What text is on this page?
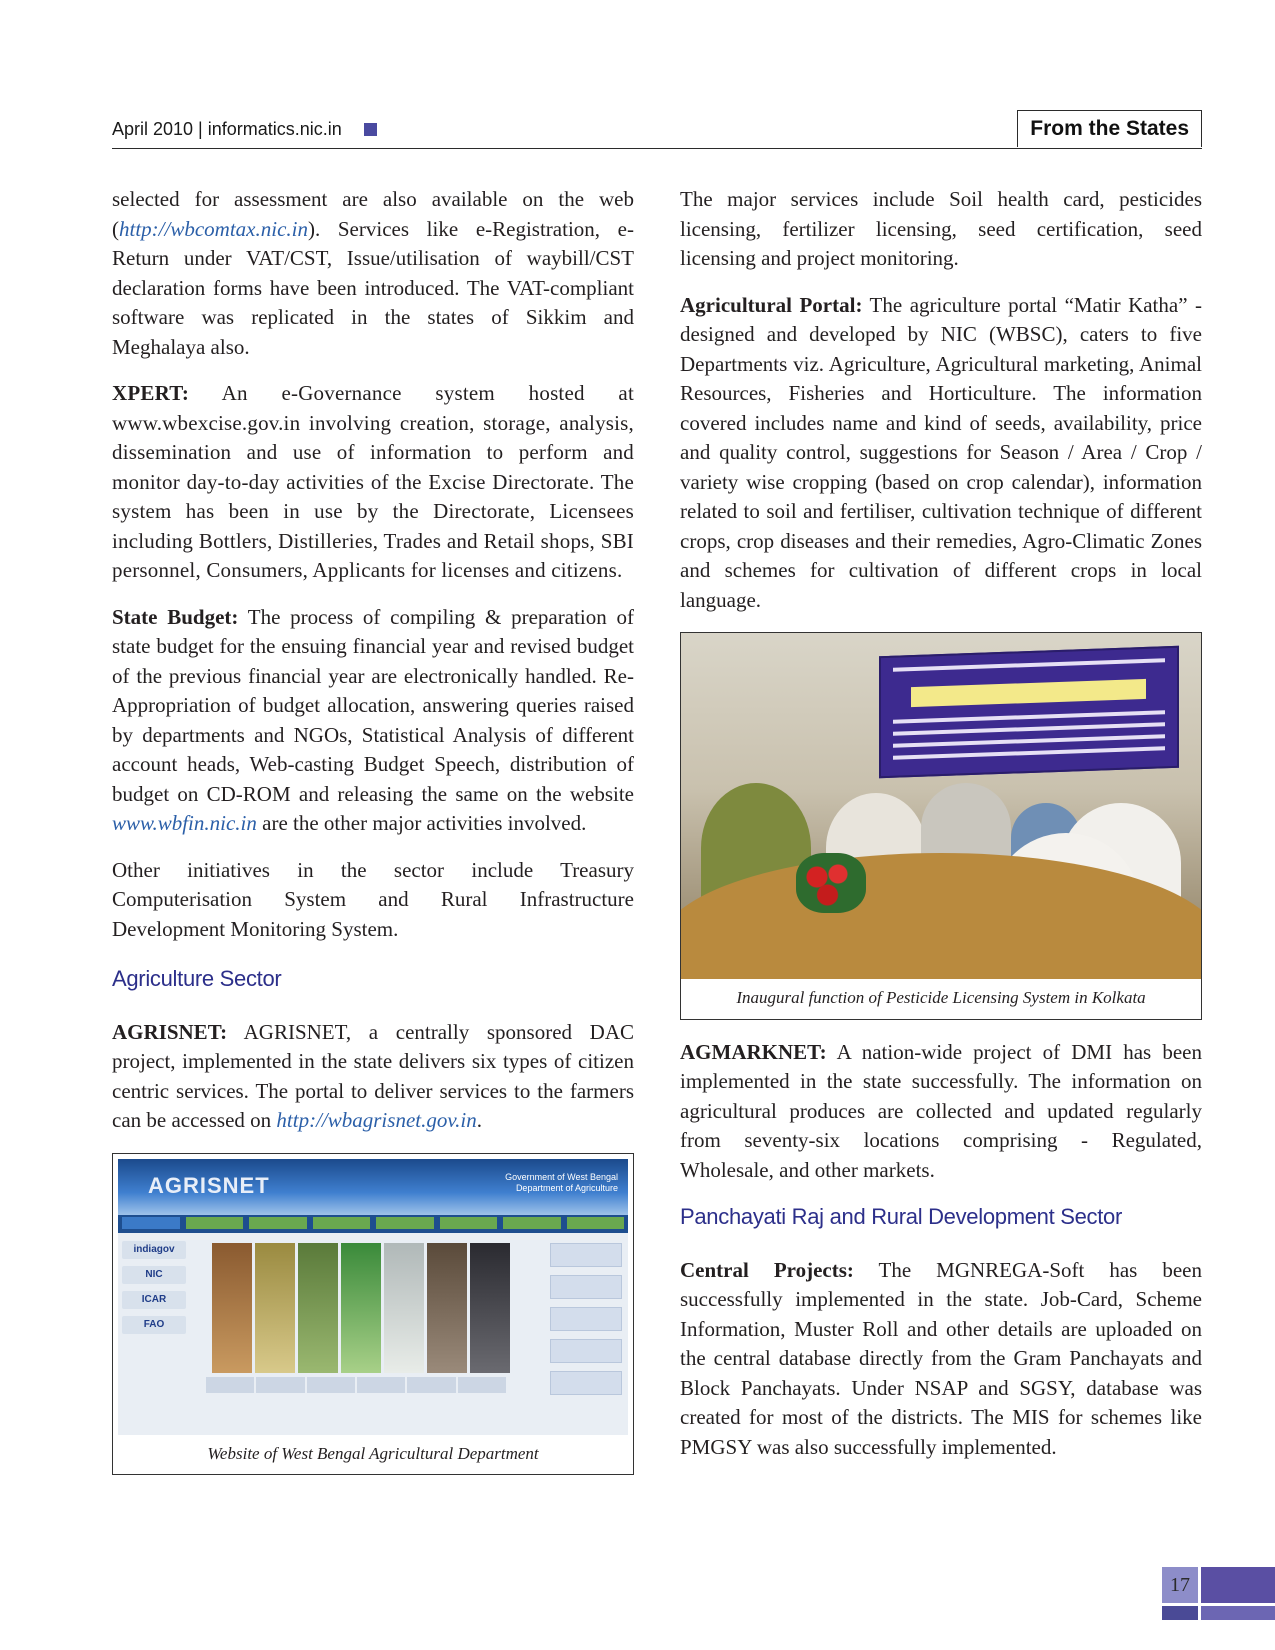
April 2010 | informatics.nic.in	From the States

selected for assessment are also available on the web (http://wbcomtax.nic.in). Services like e-Registration, e-Return under VAT/CST, Issue/utilisation of waybill/CST declaration forms have been introduced. The VAT-compliant software was replicated in the states of Sikkim and Meghalaya also.

XPERT: An e-Governance system hosted at www.wbexcise.gov.in involving creation, storage, analysis, dissemination and use of information to perform and monitor day-to-day activities of the Excise Directorate. The system has been in use by the Directorate, Licensees including Bottlers, Distilleries, Trades and Retail shops, SBI personnel, Consumers, Applicants for licenses and citizens.

State Budget: The process of compiling & preparation of state budget for the ensuing financial year and revised budget of the previous financial year are electronically handled. Re-Appropriation of budget allocation, answering queries raised by departments and NGOs, Statistical Analysis of different account heads, Web-casting Budget Speech, distribution of budget on CD-ROM and releasing the same on the website www.wbfin.nic.in are the other major activities involved.

Other initiatives in the sector include Treasury Computerisation System and Rural Infrastructure Development Monitoring System.

Agriculture Sector

AGRISNET: AGRISNET, a centrally sponsored DAC project, implemented in the state delivers six types of citizen centric services. The portal to deliver services to the farmers can be accessed on http://wbagrisnet.gov.in.

AGRISNET	Government of West Bengal
Department of Agriculture
indiagov
NIC
ICAR
FAO
Website of West Bengal Agricultural Department

The major services include Soil health card, pesticides licensing, fertilizer licensing, seed certification, seed licensing and project monitoring.

Agricultural Portal: The agriculture portal “Matir Katha” - designed and developed by NIC (WBSC), caters to five Departments viz. Agriculture, Agricultural marketing, Animal Resources, Fisheries and Horticulture. The information covered includes name and kind of seeds, availability, price and quality control, suggestions for Season / Area / Crop / variety wise cropping (based on crop calendar), information related to soil and fertiliser, cultivation technique of different crops, crop diseases and their remedies, Agro-Climatic Zones and schemes for cultivation of different crops in local language.

Inaugural function of Pesticide Licensing System in Kolkata

AGMARKNET: A nation-wide project of DMI has been implemented in the state successfully. The information on agricultural produces are collected and updated regularly from seventy-six locations comprising - Regulated, Wholesale, and other markets.

Panchayati Raj and Rural Development Sector

Central Projects: The MGNREGA-Soft has been successfully implemented in the state. Job-Card, Scheme Information, Muster Roll and other details are uploaded on the central database directly from the Gram Panchayats and Block Panchayats. Under NSAP and SGSY, database was created for most of the districts. The MIS for schemes like PMGSY was also successfully implemented.

17
